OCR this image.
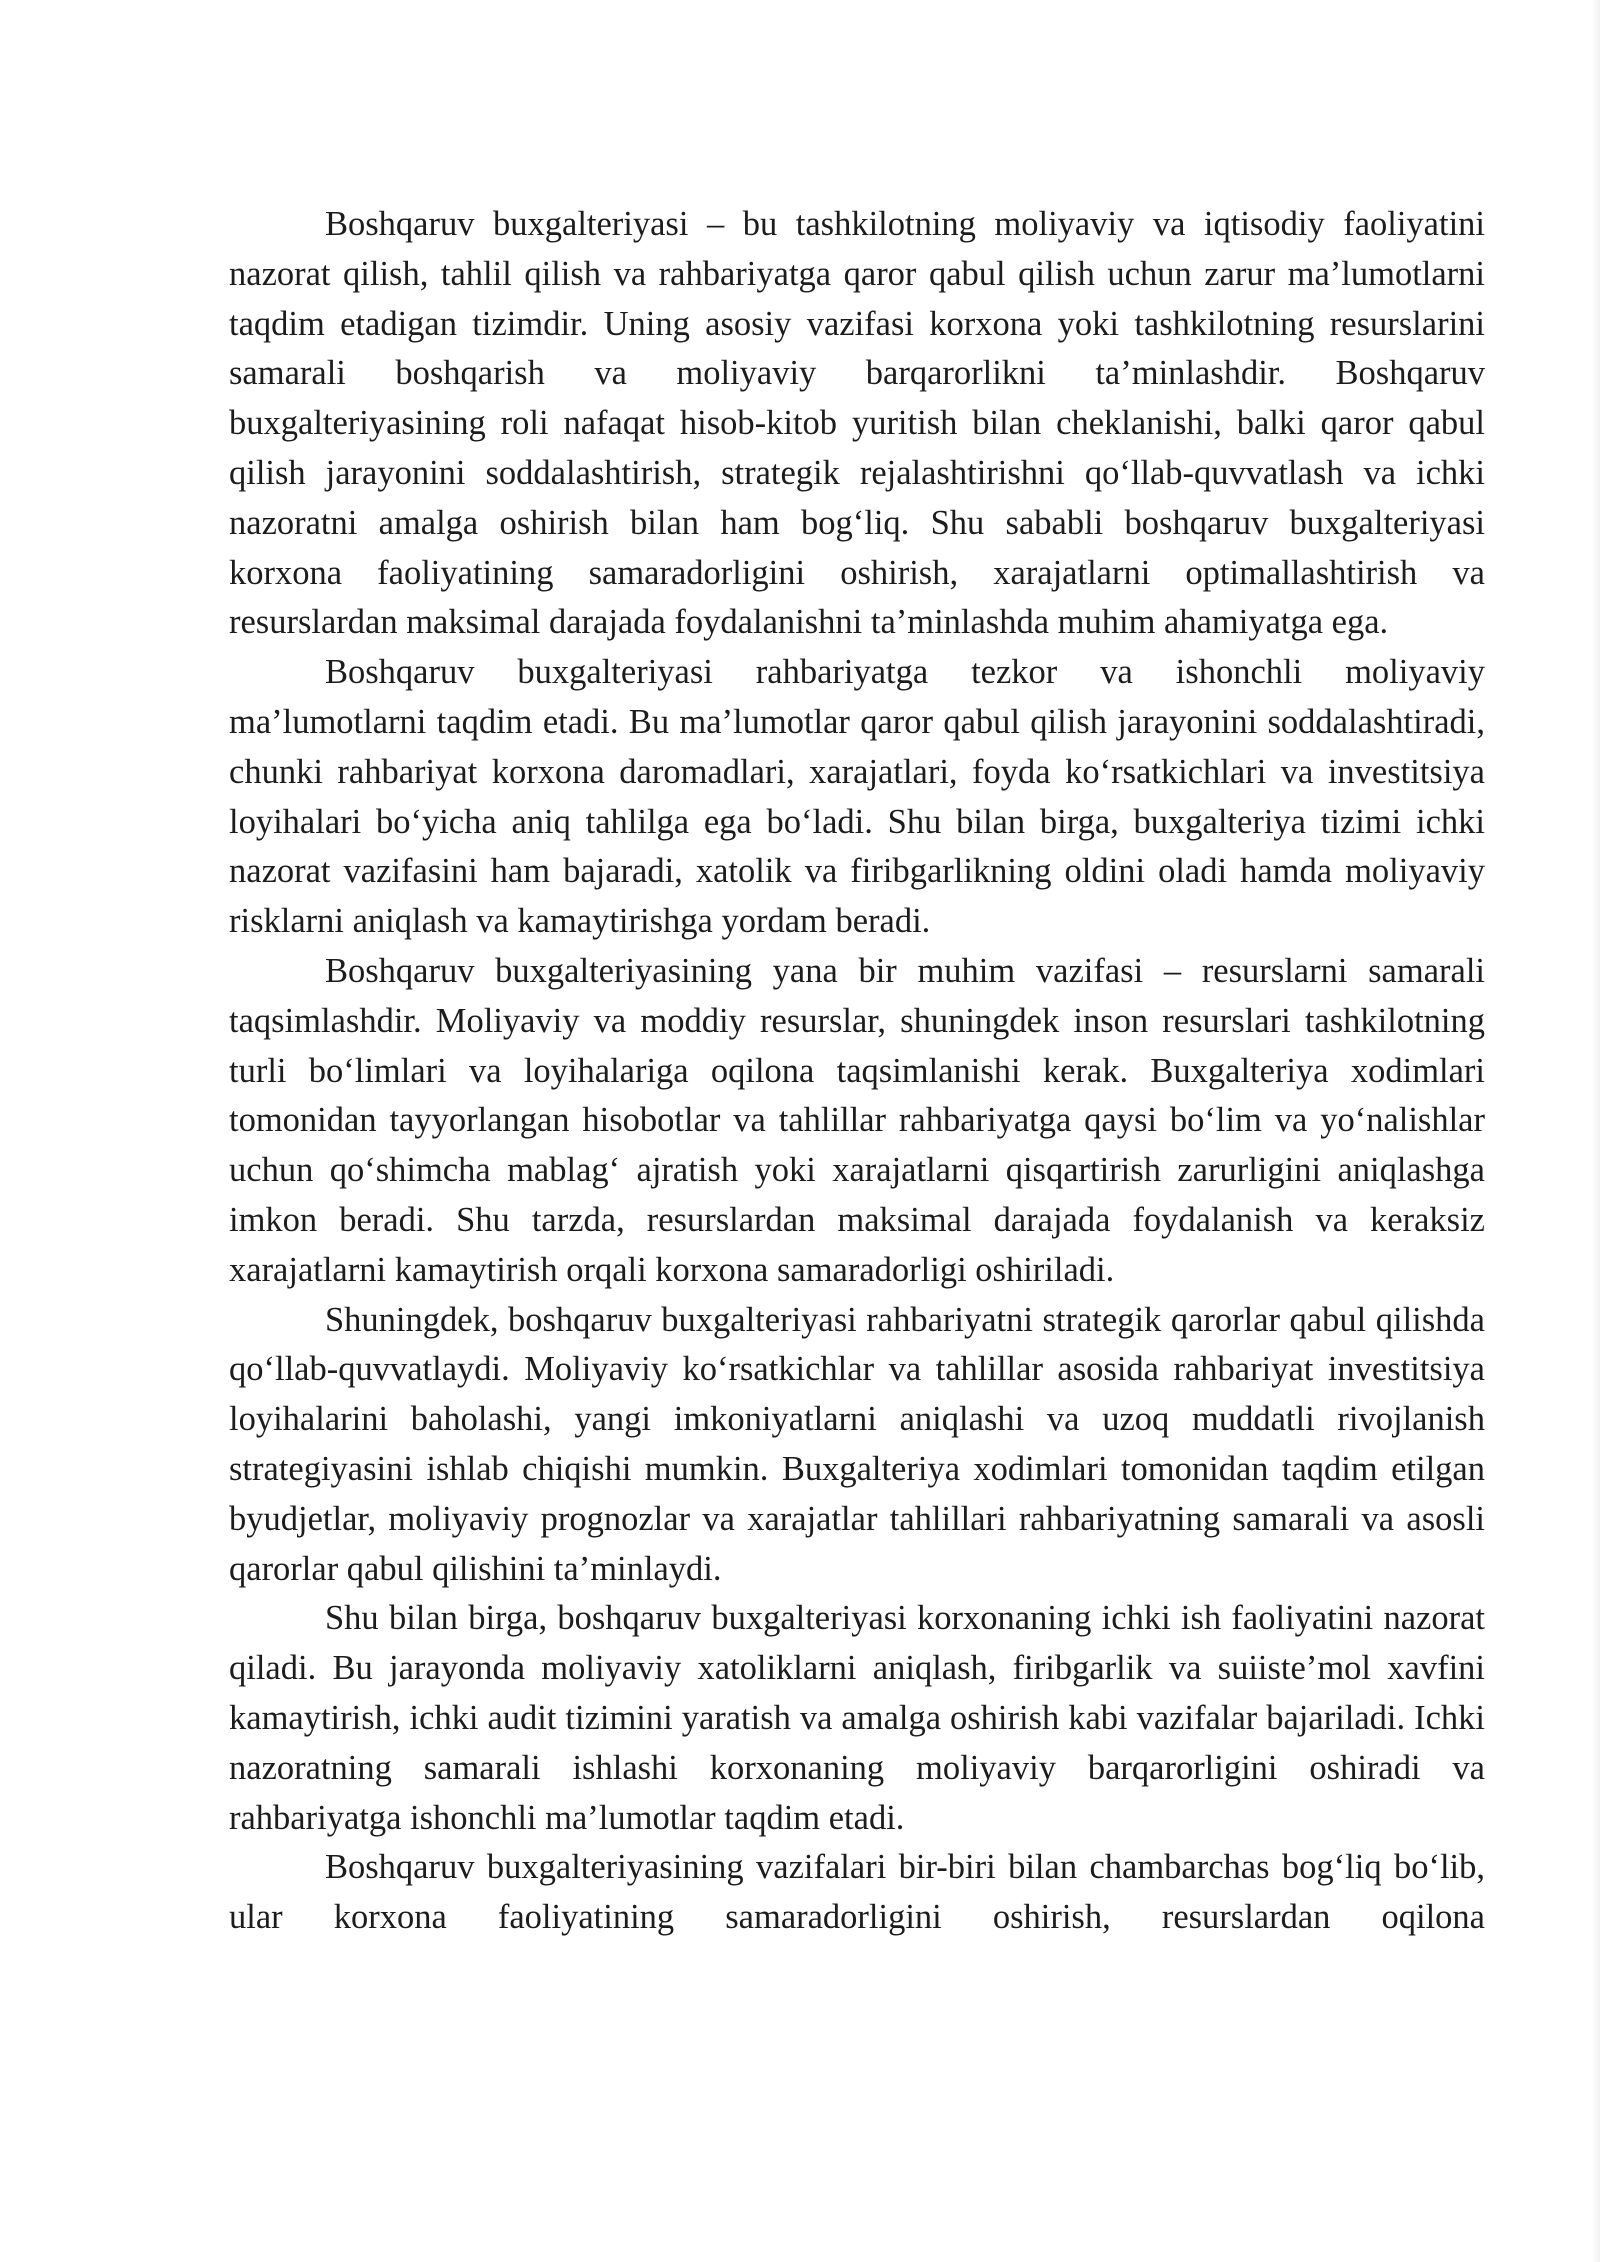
Boshqaruv buxgalteriyasi – bu tashkilotning moliyaviy va iqtisodiy faoliyatini nazorat qilish, tahlil qilish va rahbariyatga qaror qabul qilish uchun zarur ma’lumotlarni taqdim etadigan tizimdir. Uning asosiy vazifasi korxona yoki tashkilotning resurslarini samarali boshqarish va moliyaviy barqarorlikni ta’minlashdir. Boshqaruv buxgalteriyasining roli nafaqat hisob-kitob yuritish bilan cheklanishi, balki qaror qabul qilish jarayonini soddalashtirish, strategik rejalashtirishni qo‘llab-quvvatlash va ichki nazoratni amalga oshirish bilan ham bog‘liq. Shu sababli boshqaruv buxgalteriyasi korxona faoliyatining samaradorligini oshirish, xarajatlarni optimallashtirish va resurslardan maksimal darajada foydalanishni ta’minlashda muhim ahamiyatga ega.

Boshqaruv buxgalteriyasi rahbariyatga tezkor va ishonchli moliyaviy ma’lumotlarni taqdim etadi. Bu ma’lumotlar qaror qabul qilish jarayonini soddalashtiradi, chunki rahbariyat korxona daromadlari, xarajatlari, foyda ko‘rsatkichlari va investitsiya loyihalari bo‘yicha aniq tahlilga ega bo‘ladi. Shu bilan birga, buxgalteriya tizimi ichki nazorat vazifasini ham bajaradi, xatolik va firibgarlikning oldini oladi hamda moliyaviy risklarni aniqlash va kamaytirishga yordam beradi.

Boshqaruv buxgalteriyasining yana bir muhim vazifasi – resurslarni samarali taqsimlashdir. Moliyaviy va moddiy resurslar, shuningdek inson resurslari tashkilotning turli bo‘limlari va loyihalariga oqilona taqsimlanishi kerak. Buxgalteriya xodimlari tomonidan tayyorlangan hisobotlar va tahlillar rahbariyatga qaysi bo‘lim va yo‘nalishlar uchun qo‘shimcha mablag‘ ajratish yoki xarajatlarni qisqartirish zarurligini aniqlashga imkon beradi. Shu tarzda, resurslardan maksimal darajada foydalanish va keraksiz xarajatlarni kamaytirish orqali korxona samaradorligi oshiriladi.

Shuningdek, boshqaruv buxgalteriyasi rahbariyatni strategik qarorlar qabul qilishda qo‘llab-quvvatlaydi. Moliyaviy ko‘rsatkichlar va tahlillar asosida rahbariyat investitsiya loyihalarini baholashi, yangi imkoniyatlarni aniqlashi va uzoq muddatli rivojlanish strategiyasini ishlab chiqishi mumkin. Buxgalteriya xodimlari tomonidan taqdim etilgan byudjetlar, moliyaviy prognozlar va xarajatlar tahlillari rahbariyatning samarali va asosli qarorlar qabul qilishini ta’minlaydi.

Shu bilan birga, boshqaruv buxgalteriyasi korxonaning ichki ish faoliyatini nazorat qiladi. Bu jarayonda moliyaviy xatoliklarni aniqlash, firibgarlik va suiiste’mol xavfini kamaytirish, ichki audit tizimini yaratish va amalga oshirish kabi vazifalar bajariladi. Ichki nazoratning samarali ishlashi korxonaning moliyaviy barqarorligini oshiradi va rahbariyatga ishonchli ma’lumotlar taqdim etadi.

Boshqaruv buxgalteriyasining vazifalari bir-biri bilan chambarchas bog‘liq bo‘lib, ular korxona faoliyatining samaradorligini oshirish, resurslardan oqilona
